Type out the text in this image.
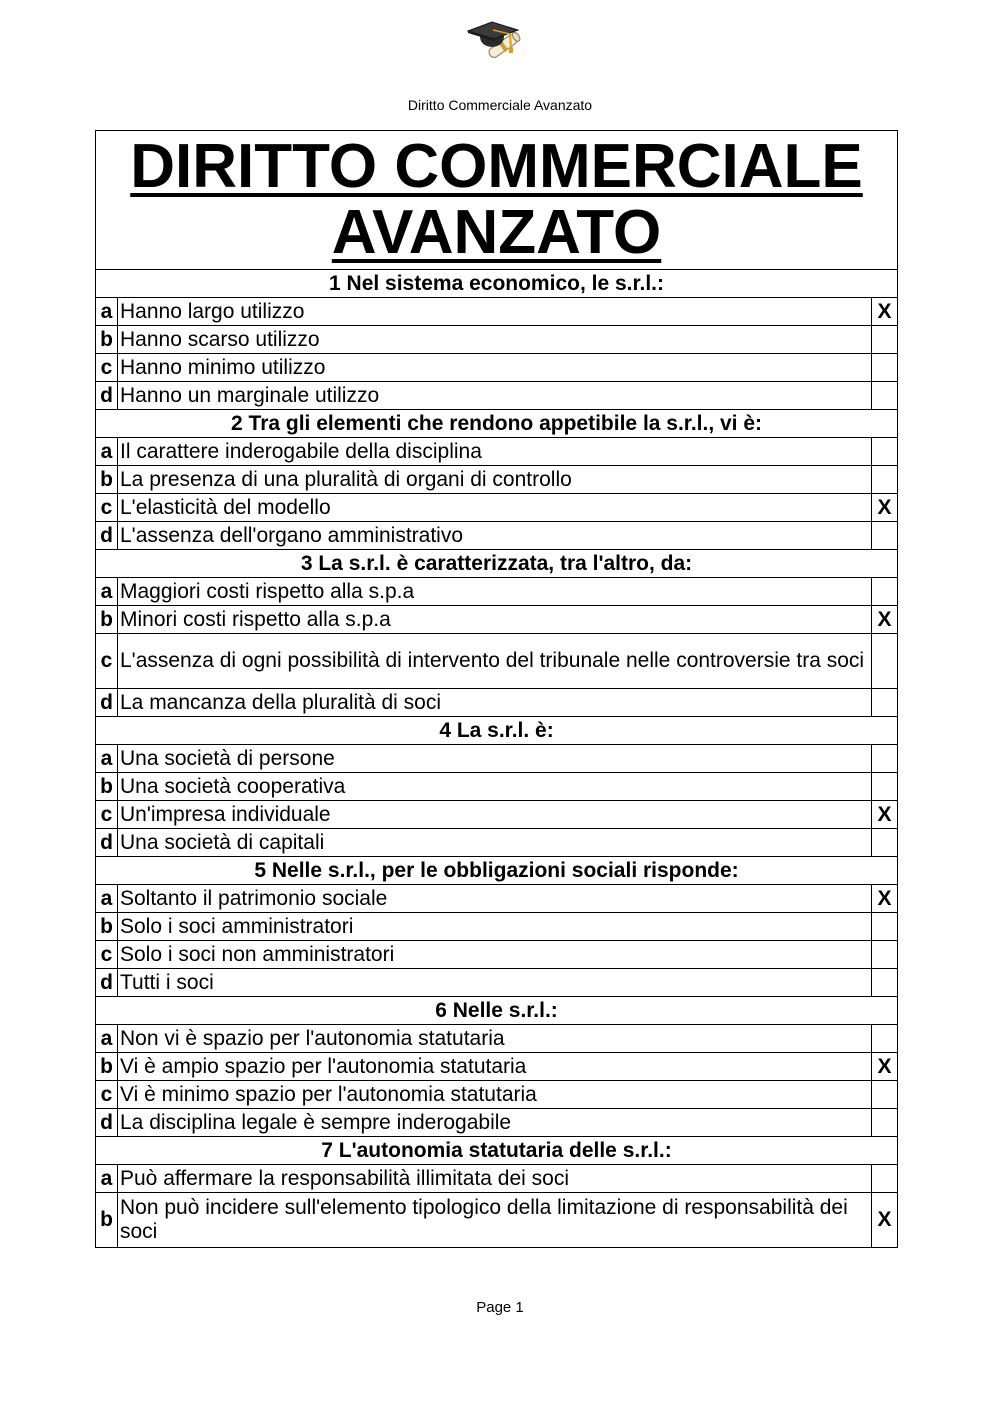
Diritto Commerciale Avanzato
DIRITTO COMMERCIALE AVANZATO		
1 Nel sistema economico, le s.r.l.:		
a	Hanno largo utilizzo	X
b	Hanno scarso utilizzo	
c	Hanno minimo utilizzo	
d	Hanno un marginale utilizzo	
2 Tra gli elementi che rendono appetibile la s.r.l., vi è:		
a	Il carattere inderogabile della disciplina	
b	La presenza di una pluralità di organi di controllo	
c	L'elasticità del modello	X
d	L'assenza dell'organo amministrativo	
3 La s.r.l. è caratterizzata, tra l'altro, da:		
a	Maggiori costi rispetto alla s.p.a	
b	Minori costi rispetto alla s.p.a	X
c	L'assenza di ogni possibilità di intervento del tribunale nelle controversie tra soci	
d	La mancanza della pluralità di soci	
4 La s.r.l. è:		
a	Una società di persone	
b	Una società cooperativa	
c	Un'impresa individuale	X
d	Una società di capitali	
5 Nelle s.r.l., per le obbligazioni sociali risponde:		
a	Soltanto il patrimonio sociale	X
b	Solo i soci amministratori	
c	Solo i soci non amministratori	
d	Tutti i soci	
6 Nelle s.r.l.:		
a	Non vi è spazio per l'autonomia statutaria	
b	Vi è ampio spazio per l'autonomia statutaria	X
c	Vi è minimo spazio per l'autonomia statutaria	
d	La disciplina legale è sempre inderogabile	
7 L'autonomia statutaria delle s.r.l.:		
a	Può affermare la responsabilità illimitata dei soci	
b	Non può incidere sull'elemento tipologico della limitazione di responsabilità dei soci	X
Page 1
